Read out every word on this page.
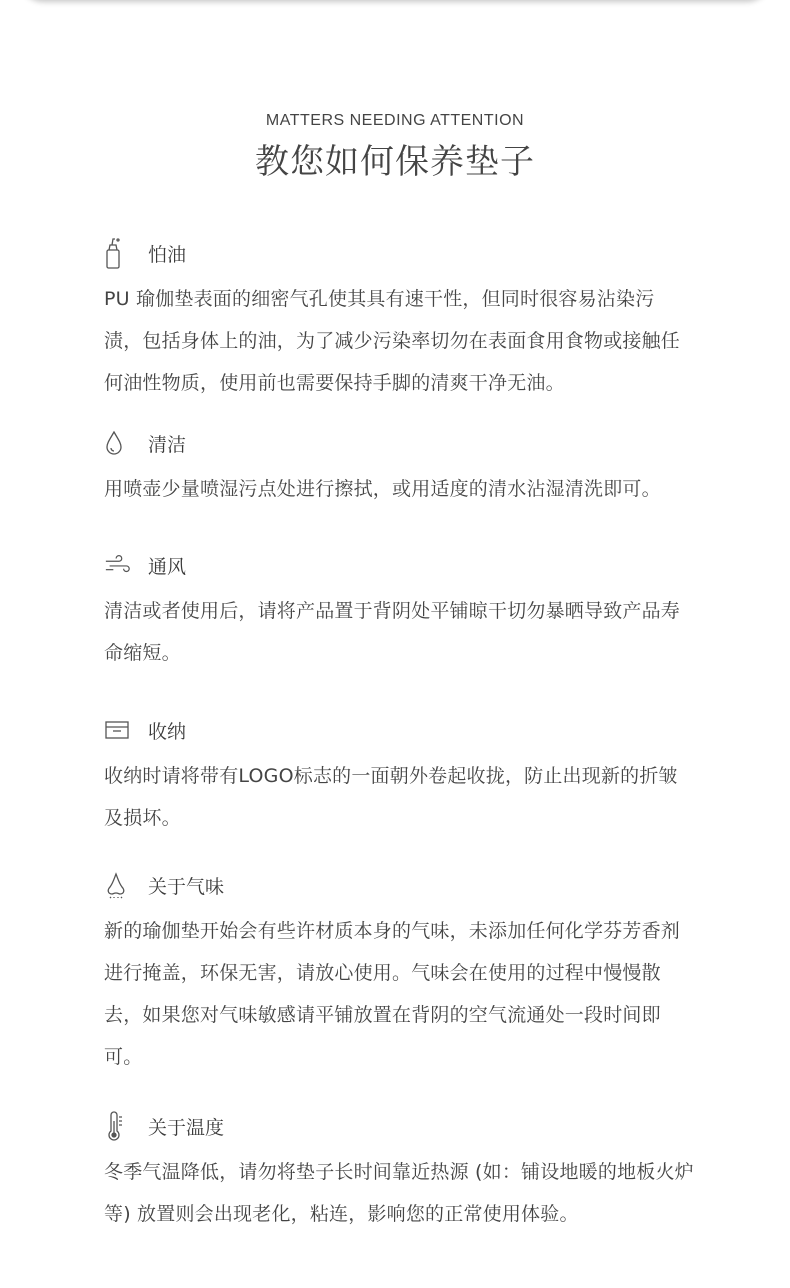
MATTERS NEEDING ATTENTION
教您如何保养垫子
怕油

PU 瑜伽垫表面的细密气孔使其具有速干性，但同时很容易沾染污渍，包括身体上的油，为了减少污染率切勿在表面食用食物或接触任何油性物质，使用前也需要保持手脚的清爽干净无油。

清洁

用喷壶少量喷湿污点处进行擦拭，或用适度的清水沾湿清洗即可。

通风

清洁或者使用后，请将产品置于背阴处平铺晾干切勿暴晒导致产品寿命缩短。

收纳

收纳时请将带有LOGO标志的一面朝外卷起收拢，防止出现新的折皱及损坏。

关于气味

新的瑜伽垫开始会有些许材质本身的气味，未添加任何化学芬芳香剂进行掩盖，环保无害，请放心使用。气味会在使用的过程中慢慢散去，如果您对气味敏感请平铺放置在背阴的空气流通处一段时间即可。

关于温度

冬季气温降低，请勿将垫子长时间靠近热源 (如：铺设地暖的地板火炉等) 放置则会出现老化，粘连，影响您的正常使用体验。
